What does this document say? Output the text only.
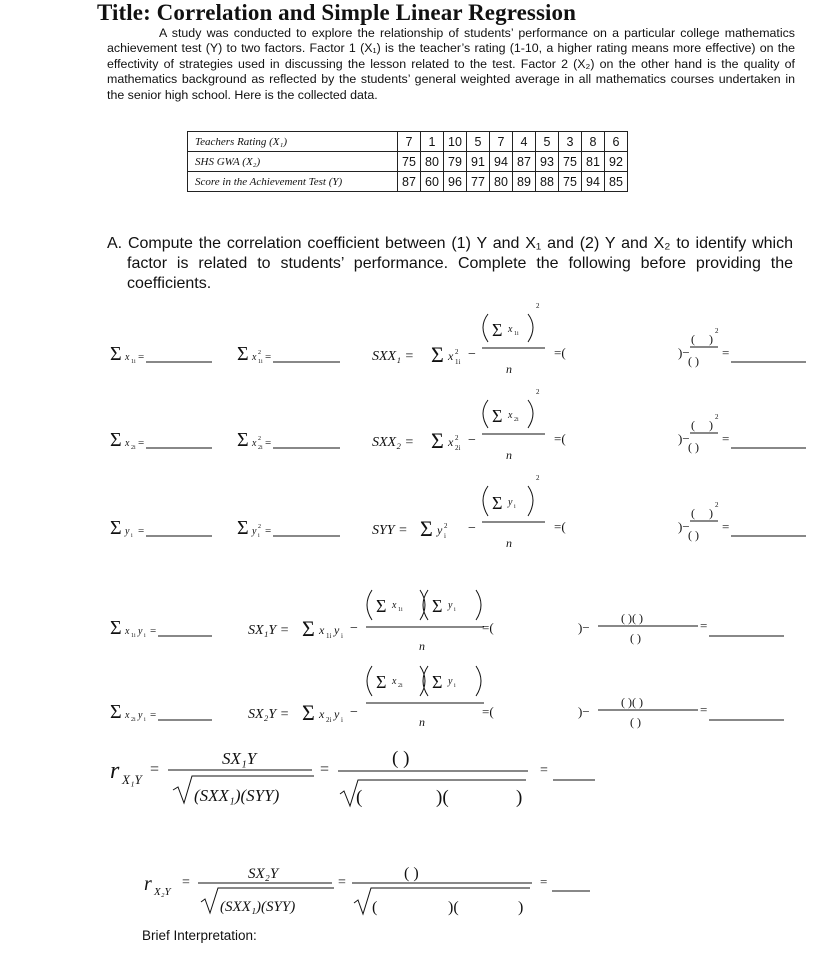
Title: Correlation and Simple Linear Regression
A study was conducted to explore the relationship of students’ performance on a particular college mathematics achievement test (Y) to two factors. Factor 1 (X₁) is the teacher’s rating (1-10, a higher rating means more effective) on the effectivity of strategies used in discussing the lesson related to the test. Factor 2 (X₂) on the other hand is the quality of mathematics background as reflected by the students’ general weighted average in all mathematics courses undertaken in the senior high school. Here is the collected data.
Teachers Rating (X₁)	7	1	10	5	7	4	5	3	8	6
SHS GWA (X₂)	75	80	79	91	94	87	93	75	81	92
Score in the Achievement Test (Y)	87	60	96	77	80	89	88	75	94	85
A. Compute the correlation coefficient between (1) Y and X₁ and (2) Y and X₂ to identify which factor is related to students’ performance. Complete the following before providing the coefficients.
Σ x 1i =	Σ x 2
1i =	SXX₁ = Σ x 2
1i −
Σ x 1i
2
n
=(	)−
( )
2
( )
=
Σ x 2i =	Σ x 2
2i =	SXX₂ = Σ x 2
2i −
Σ x 2i
2
n
=(	)−
( )
2
( )
=
Σ y i =	Σ y 2
i =	SYY = Σ y 2
i −
Σ y i
2
n
=(	)−
( )
2
( )
=
Σ x 1i y i =	SX₁Y = Σ x 1i y i −
Σ x 1i Σ y i
n
=(	)−
( )( )
( )
=
Σ x 2i y i =	SX₂Y = Σ x 2i y i −
Σ x 2i Σ y i
n
=(	)−
( )( )
( )
=
r X₁Y
=
SX₁Y
(SXX₁)(SYY)
=
( )
(	)(	)
=
r X₂Y
=
SX₂Y
(SXX₁)(SYY)
=
( )
(	)(	)
=
Brief Interpretation:
